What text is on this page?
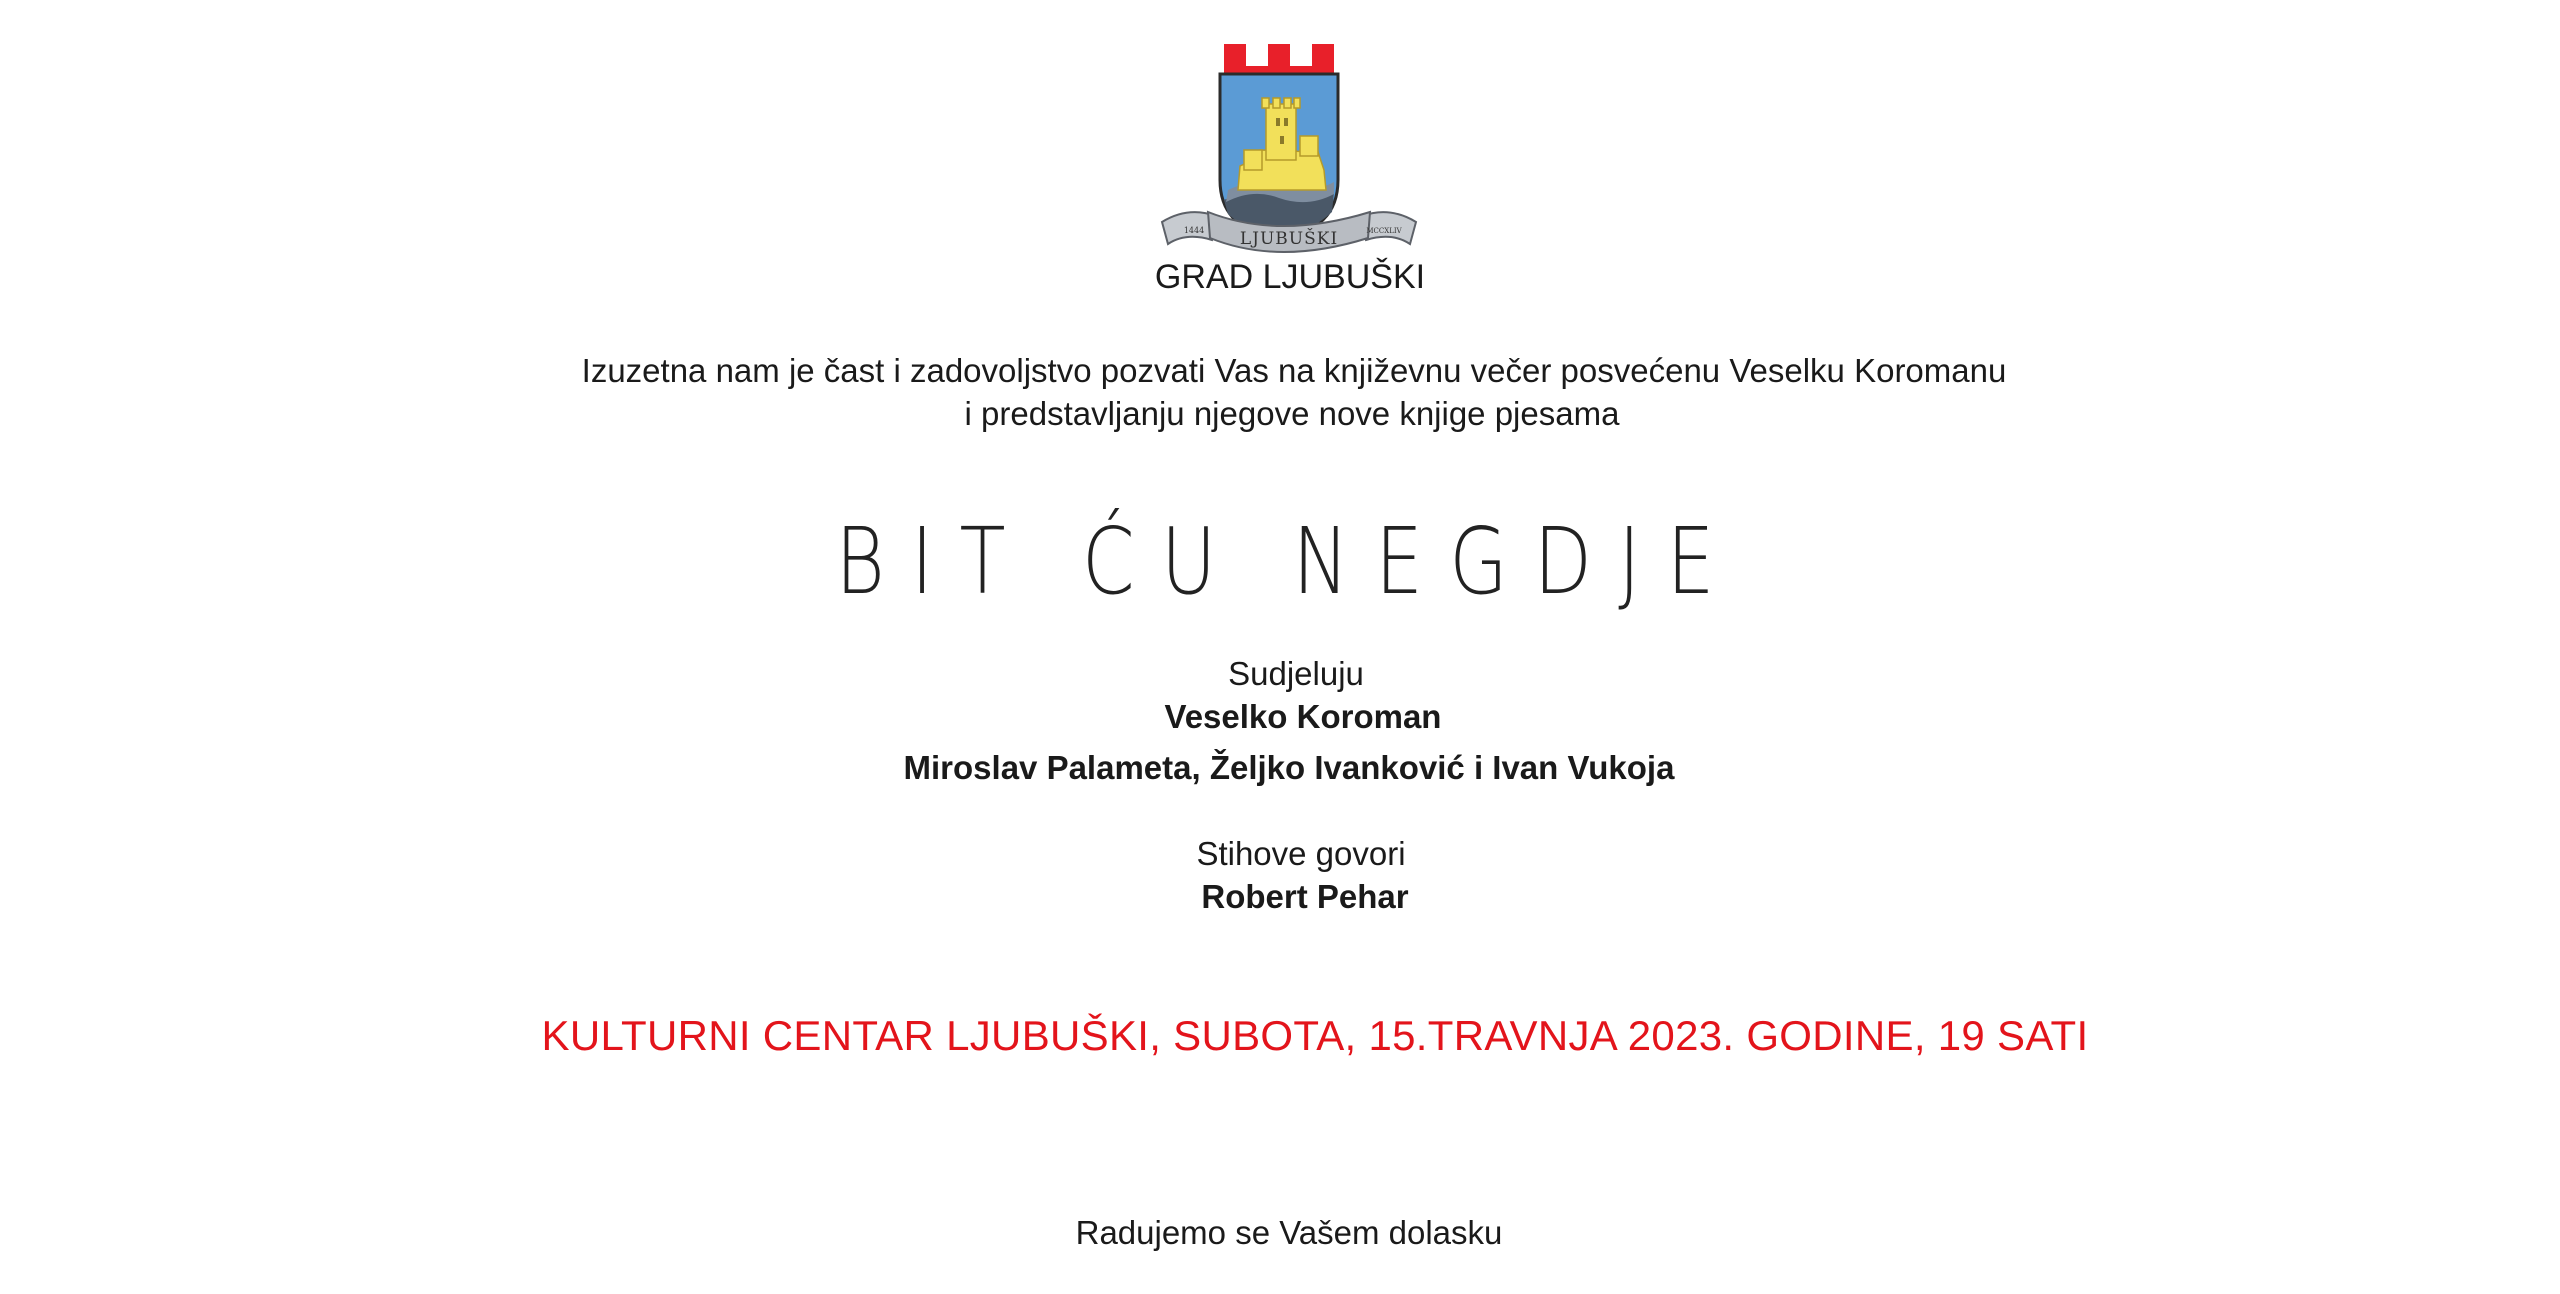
LJUBUŠKI
1444	MCCXLIV

GRAD LJUBUŠKI

Izuzetna nam je čast i zadovoljstvo pozvati Vas na književnu večer posvećenu Veselku Koromanu

i predstavljanju njegove nove knjige pjesama

BIT ĆU NEGDJE

Sudjeluju

Veselko Koroman

Miroslav Palameta, Željko Ivanković i Ivan Vukoja

Stihove govori

Robert Pehar

KULTURNI CENTAR LJUBUŠKI, SUBOTA, 15.TRAVNJA 2023. GODINE, 19 SATI

Radujemo se Vašem dolasku
